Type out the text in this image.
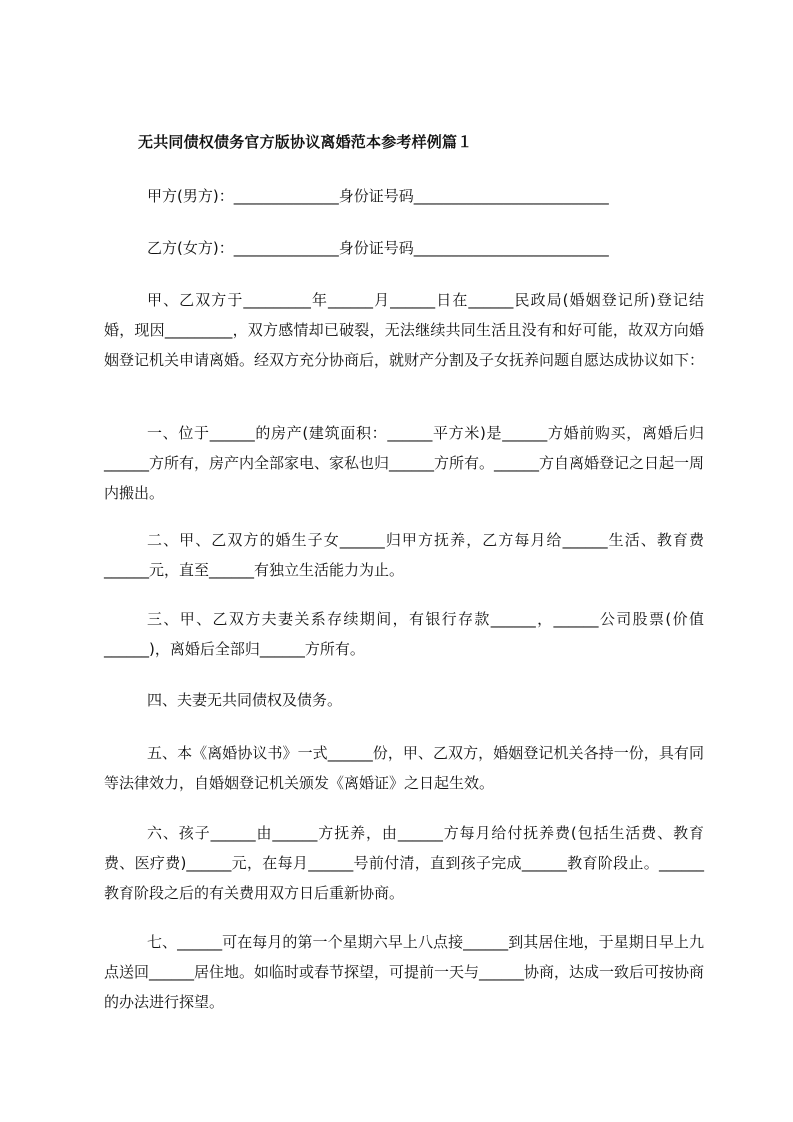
无共同债权债务官方版协议离婚范本参考样例篇１
甲方(男方)：______________身份证号码__________________________
乙方(女方)：______________身份证号码__________________________

甲、乙双方于_________年______月______日在______民政局(婚姻登记所)登记结婚，现因_________，双方感情却已破裂，无法继续共同生活且没有和好可能，故双方向婚姻登记机关申请离婚。经双方充分协商后，就财产分割及子女抚养问题自愿达成协议如下：

一、位于______的房产(建筑面积：______平方米)是______方婚前购买，离婚后归______方所有，房产内全部家电、家私也归______方所有。______方自离婚登记之日起一周内搬出。

二、甲、乙双方的婚生子女______归甲方抚养，乙方每月给______生活、教育费______元，直至______有独立生活能力为止。

三、甲、乙双方夫妻关系存续期间，有银行存款______，______公司股票(价值______)，离婚后全部归______方所有。

四、夫妻无共同债权及债务。

五、本《离婚协议书》一式______份，甲、乙双方，婚姻登记机关各持一份，具有同等法律效力，自婚姻登记机关颁发《离婚证》之日起生效。

六、孩子______由______方抚养，由______方每月给付抚养费(包括生活费、教育费、医疗费)______元，在每月______号前付清，直到孩子完成______教育阶段止。______教育阶段之后的有关费用双方日后重新协商。

七、______可在每月的第一个星期六早上八点接______到其居住地，于星期日早上九点送回______居住地。如临时或春节探望，可提前一天与______协商，达成一致后可按协商的办法进行探望。
